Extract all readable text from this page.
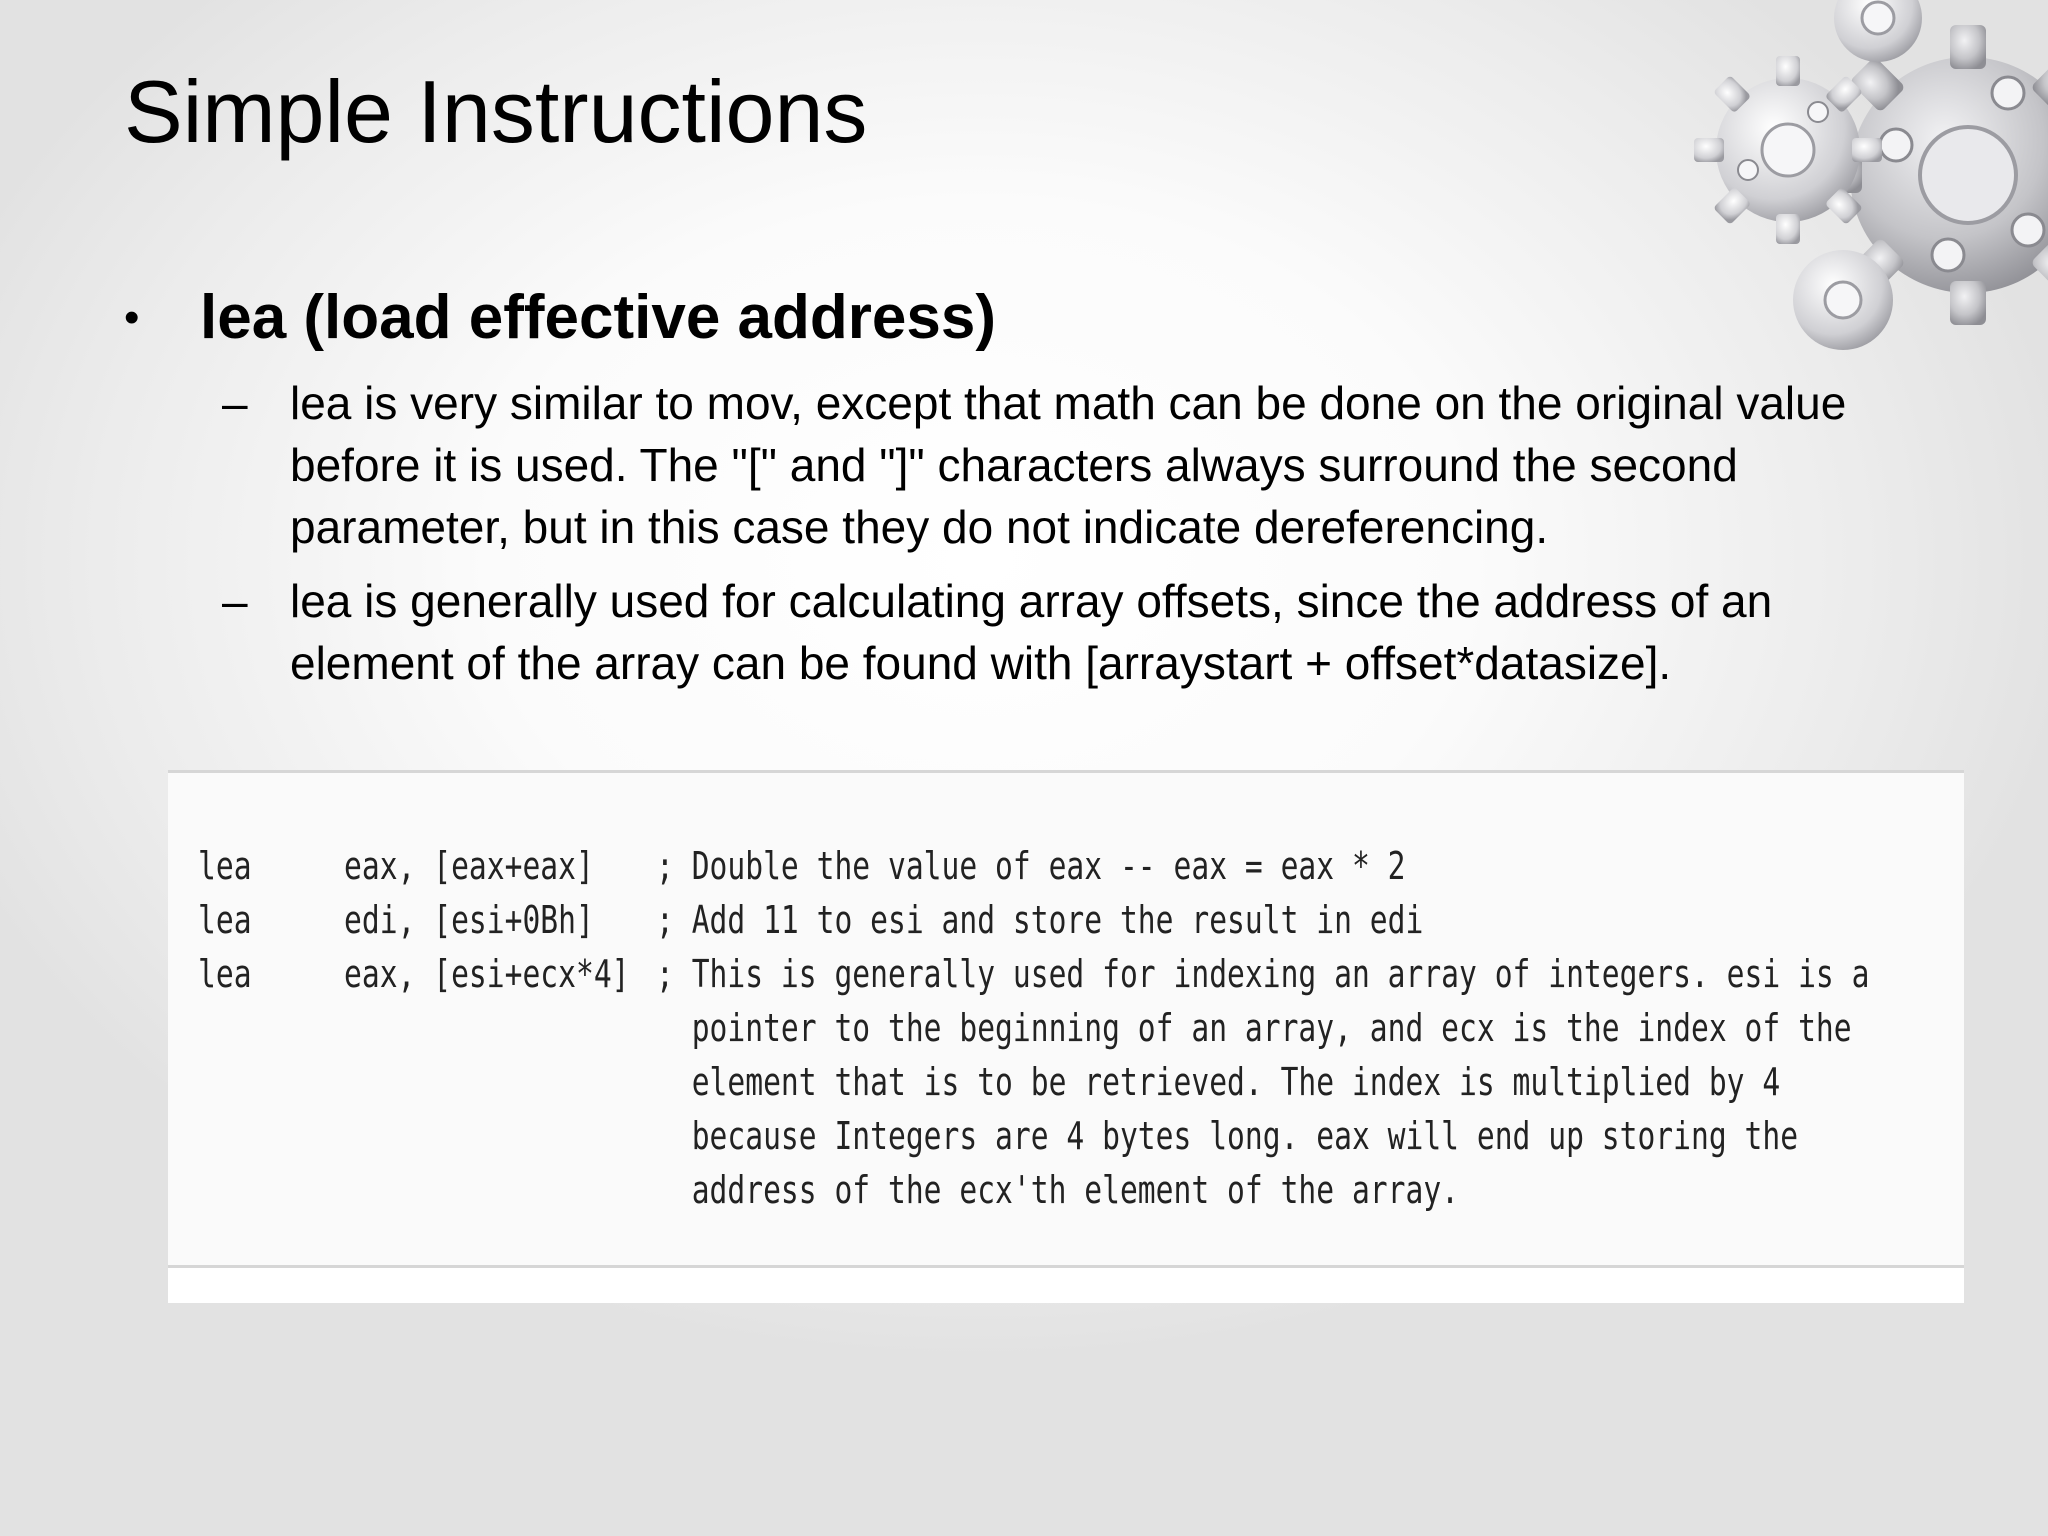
Simple Instructions
• lea (load effective address)
– lea is very similar to mov, except that math can be done on the original value before it is used. The "[" and "]" characters always surround the second parameter, but in this case they do not indicate dereferencing.
– lea is generally used for calculating array offsets, since the address of an element of the array can be found with [arraystart + offset*datasize].
lea eax, [eax+eax] ; Double the value of eax -- eax = eax * 2
lea edi, [esi+0Bh] ; Add 11 to esi and store the result in edi
lea eax, [esi+ecx*4] ; This is generally used for indexing an array of integers. esi is a
pointer to the beginning of an array, and ecx is the index of the
element that is to be retrieved. The index is multiplied by 4
because Integers are 4 bytes long. eax will end up storing the
address of the ecx'th element of the array.
